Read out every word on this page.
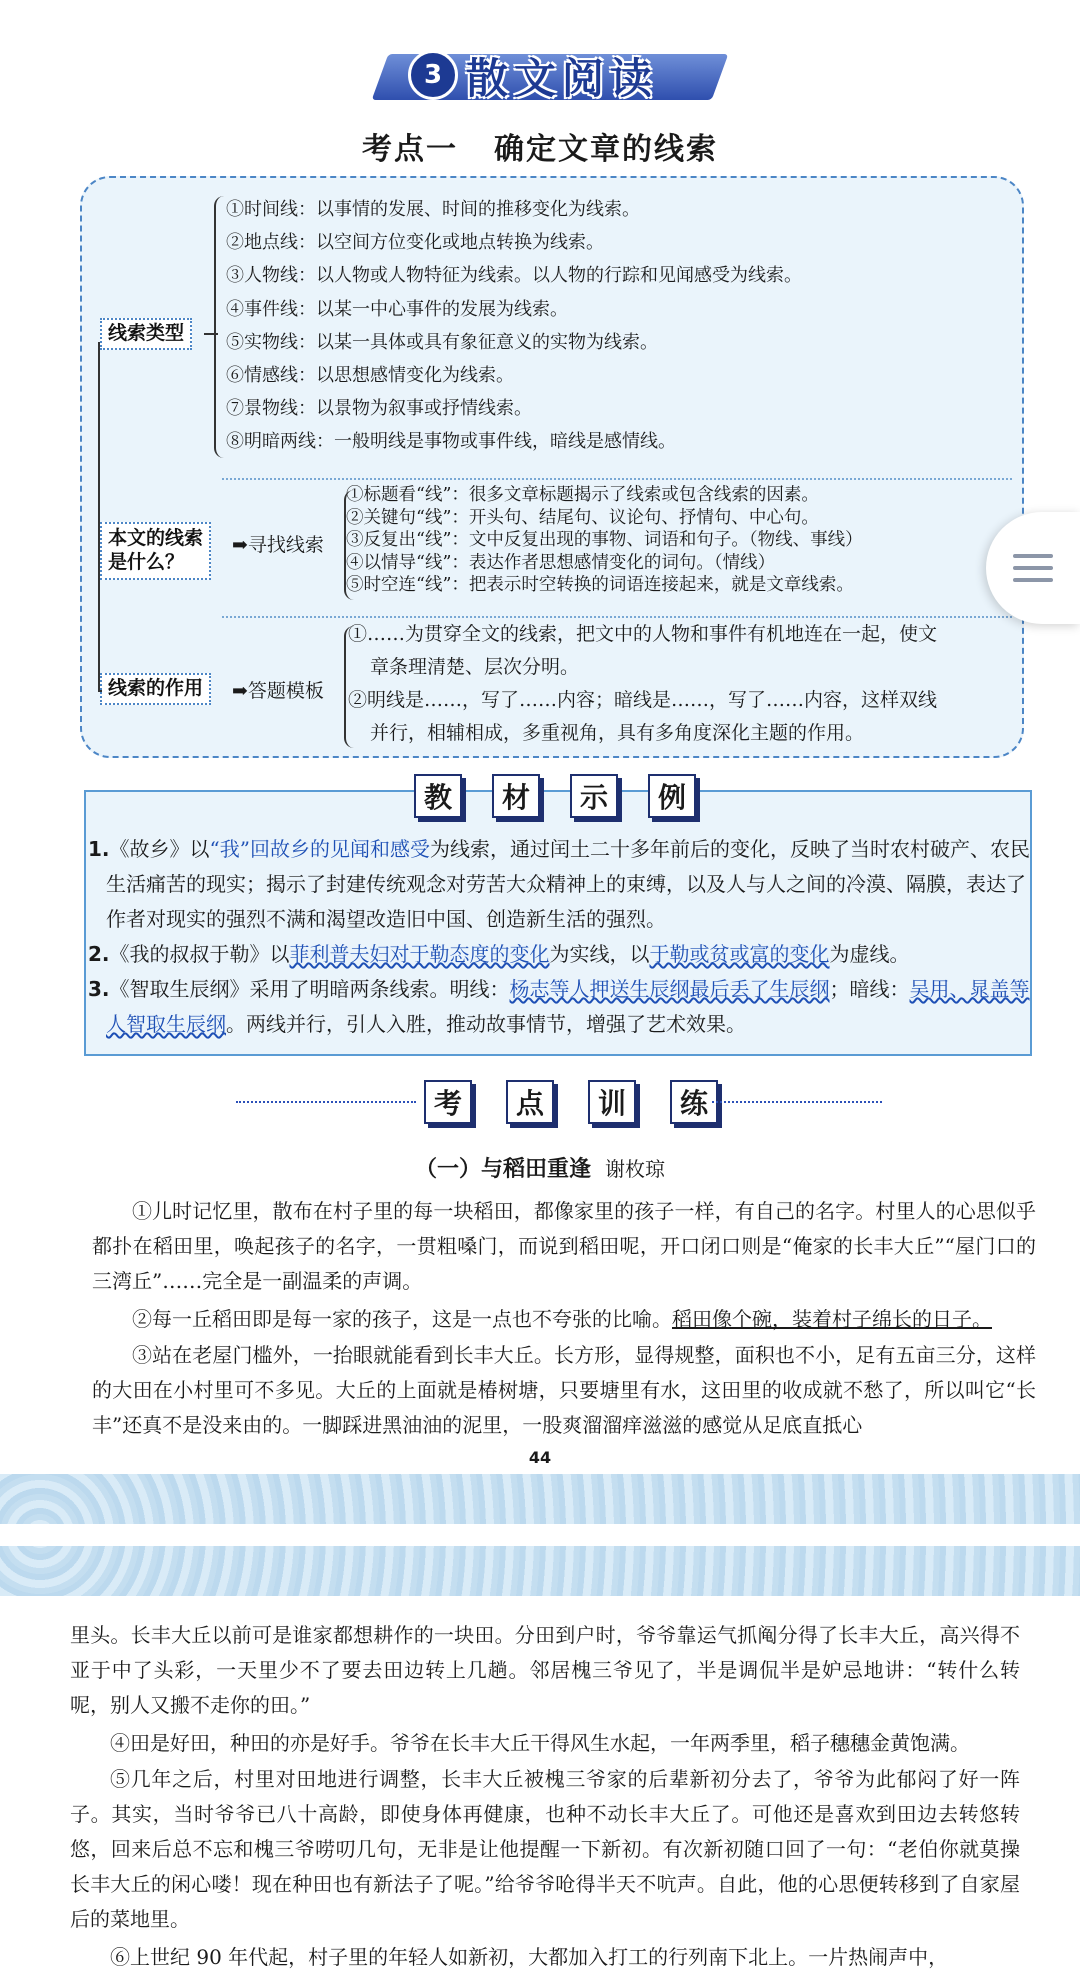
3 散文阅读
考点一 确定文章的线索
线索类型
①时间线：以事情的发展、时间的推移变化为线索。
②地点线：以空间方位变化或地点转换为线索。
③人物线：以人物或人物特征为线索。以人物的行踪和见闻感受为线索。
④事件线：以某一中心事件的发展为线索。
⑤实物线：以某一具体或具有象征意义的实物为线索。
⑥情感线：以思想感情变化为线索。
⑦景物线：以景物为叙事或抒情线索。
⑧明暗两线：一般明线是事物或事件线，暗线是感情线。
本文的线索
是什么？
➡寻找线索
①标题看“线”：很多文章标题揭示了线索或包含线索的因素。
②关键句“线”：开头句、结尾句、议论句、抒情句、中心句。
③反复出“线”：文中反复出现的事物、词语和句子。（物线、事线）
④以情导“线”：表达作者思想感情变化的词句。（情线）
⑤时空连“线”：把表示时空转换的词语连接起来，就是文章线索。
线索的作用	➡答题模板
①……为贯穿全文的线索，把文中的人物和事件有机地连在一起，使文
章条理清楚、层次分明。
②明线是……，写了……内容；暗线是……，写了……内容，这样双线
并行，相辅相成，多重视角，具有多角度深化主题的作用。
教	材	示	例
1.《故乡》以“我”回故乡的见闻和感受为线索，通过闰土二十多年前后的变化，反映了当时农村破产、农民生活痛苦的现实；揭示了封建传统观念对劳苦大众精神上的束缚，以及人与人之间的冷漠、隔膜，表达了作者对现实的强烈不满和渴望改造旧中国、创造新生活的强烈。
2.《我的叔叔于勒》以菲利普夫妇对于勒态度的变化为实线，以于勒或贫或富的变化为虚线。
3.《智取生辰纲》采用了明暗两条线索。明线：杨志等人押送生辰纲最后丢了生辰纲；暗线：吴用、晁盖等人智取生辰纲。两线并行，引人入胜，推动故事情节，增强了艺术效果。
考	点	训	练
（一）与稻田重逢 谢枚琼
①儿时记忆里，散布在村子里的每一块稻田，都像家里的孩子一样，有自己的名字。村里人的心思似乎都扑在稻田里，唤起孩子的名字，一贯粗嗓门，而说到稻田呢，开口闭口则是“俺家的长丰大丘”“屋门口的三湾丘”……完全是一副温柔的声调。
②每一丘稻田即是每一家的孩子，这是一点也不夸张的比喻。稻田像个碗，装着村子绵长的日子。
③站在老屋门槛外，一抬眼就能看到长丰大丘。长方形，显得规整，面积也不小，足有五亩三分，这样的大田在小村里可不多见。大丘的上面就是椿树塘，只要塘里有水，这田里的收成就不愁了，所以叫它“长丰”还真不是没来由的。一脚踩进黑油油的泥里，一股爽溜溜痒滋滋的感觉从足底直抵心
44
里头。长丰大丘以前可是谁家都想耕作的一块田。分田到户时，爷爷靠运气抓阄分得了长丰大丘，高兴得不亚于中了头彩，一天里少不了要去田边转上几趟。邻居槐三爷见了，半是调侃半是妒忌地讲：“转什么转呢，别人又搬不走你的田。”
④田是好田，种田的亦是好手。爷爷在长丰大丘干得风生水起，一年两季里，稻子穗穗金黄饱满。
⑤几年之后，村里对田地进行调整，长丰大丘被槐三爷家的后辈新初分去了，爷爷为此郁闷了好一阵子。其实，当时爷爷已八十高龄，即使身体再健康，也种不动长丰大丘了。可他还是喜欢到田边去转悠转悠，回来后总不忘和槐三爷唠叨几句，无非是让他提醒一下新初。有次新初随口回了一句：“老伯你就莫操长丰大丘的闲心喽！现在种田也有新法子了呢。”给爷爷呛得半天不吭声。自此，他的心思便转移到了自家屋后的菜地里。
⑥上世纪 90 年代起，村子里的年轻人如新初，大都加入打工的行列南下北上。一片热闹声中，
